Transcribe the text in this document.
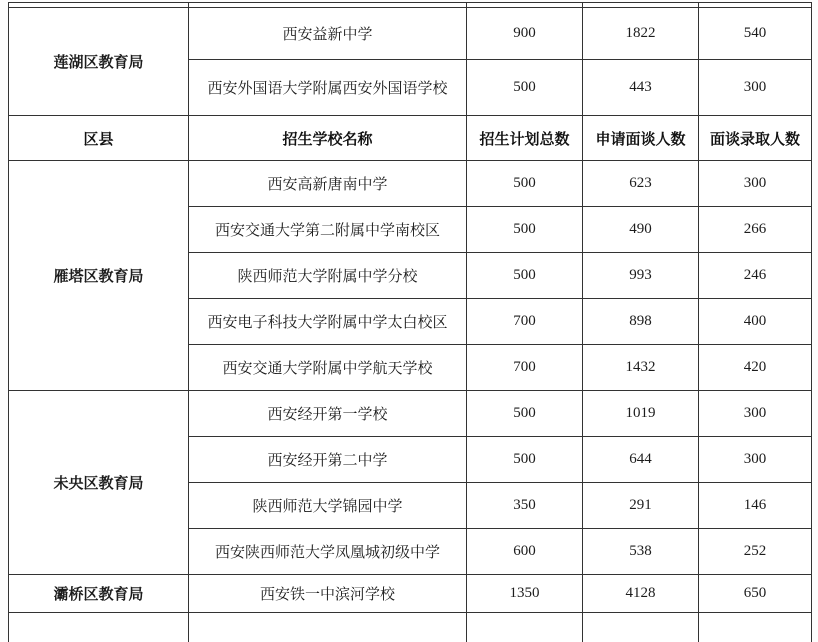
莲湖区教育局	西安益新中学	900	1822	540
	西安外国语大学附属西安外国语学校	500	443	300
区县	招生学校名称	招生计划总数	申请面谈人数	面谈录取人数
雁塔区教育局	西安高新唐南中学	500	623	300
	西安交通大学第二附属中学南校区	500	490	266
	陕西师范大学附属中学分校	500	993	246
	西安电子科技大学附属中学太白校区	700	898	400
	西安交通大学附属中学航天学校	700	1432	420
未央区教育局	西安经开第一学校	500	1019	300
	西安经开第二中学	500	644	300
	陕西师范大学锦园中学	350	291	146
	西安陕西师范大学凤凰城初级中学	600	538	252
灞桥区教育局	西安铁一中滨河学校	1350	4128	650
